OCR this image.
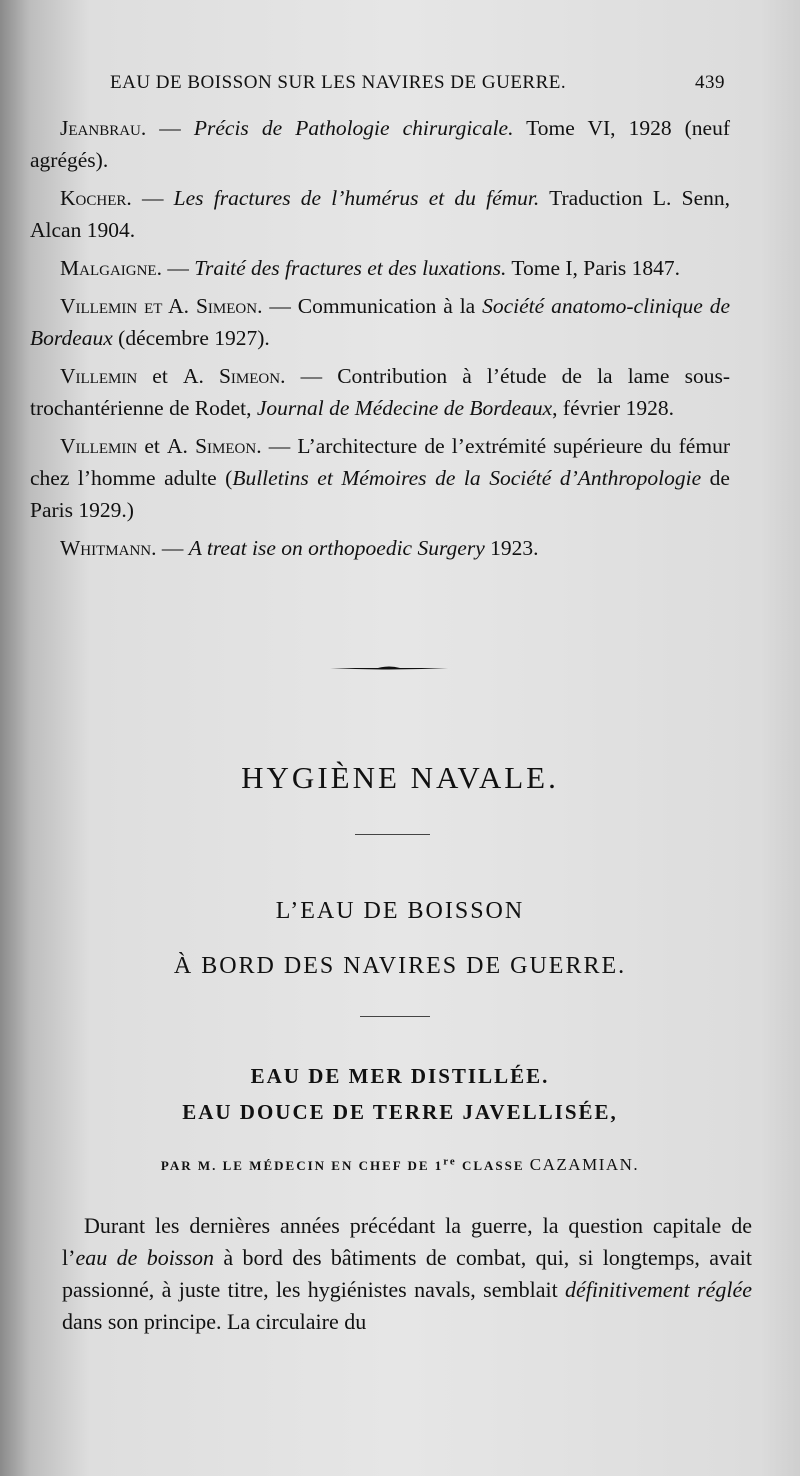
EAU DE BOISSON SUR LES NAVIRES DE GUERRE.	439

Jeanbrau. — Précis de Pathologie chirurgicale. Tome VI, 1928 (neuf agrégés).

Kocher. — Les fractures de l’humérus et du fémur. Traduction L. Senn, Alcan 1904.

Malgaigne. — Traité des fractures et des luxations. Tome I, Paris 1847.

Villemin et A. Simeon. — Communication à la Société anatomo-clinique de Bordeaux (décembre 1927).

Villemin et A. Simeon. — Contribution à l’étude de la lame sous-trochantérienne de Rodet, Journal de Médecine de Bordeaux, février 1928.

Villemin et A. Simeon. — L’architecture de l’extrémité supérieure du fémur chez l’homme adulte (Bulletins et Mémoires de la Société d’Anthropologie de Paris 1929.)

Whitmann. — A treat ise on orthopoedic Surgery 1923.

HYGIÈNE NAVALE.
L’EAU DE BOISSON
À BORD DES NAVIRES DE GUERRE.
EAU DE MER DISTILLÉE.
EAU DOUCE DE TERRE JAVELLISÉE,
PAR M. LE MÉDECIN EN CHEF DE 1re CLASSE CAZAMIAN.

Durant les dernières années précédant la guerre, la question capitale de l’eau de boisson à bord des bâtiments de combat, qui, si longtemps, avait passionné, à juste titre, les hygiénistes navals, semblait définitivement réglée dans son principe. La circulaire du
